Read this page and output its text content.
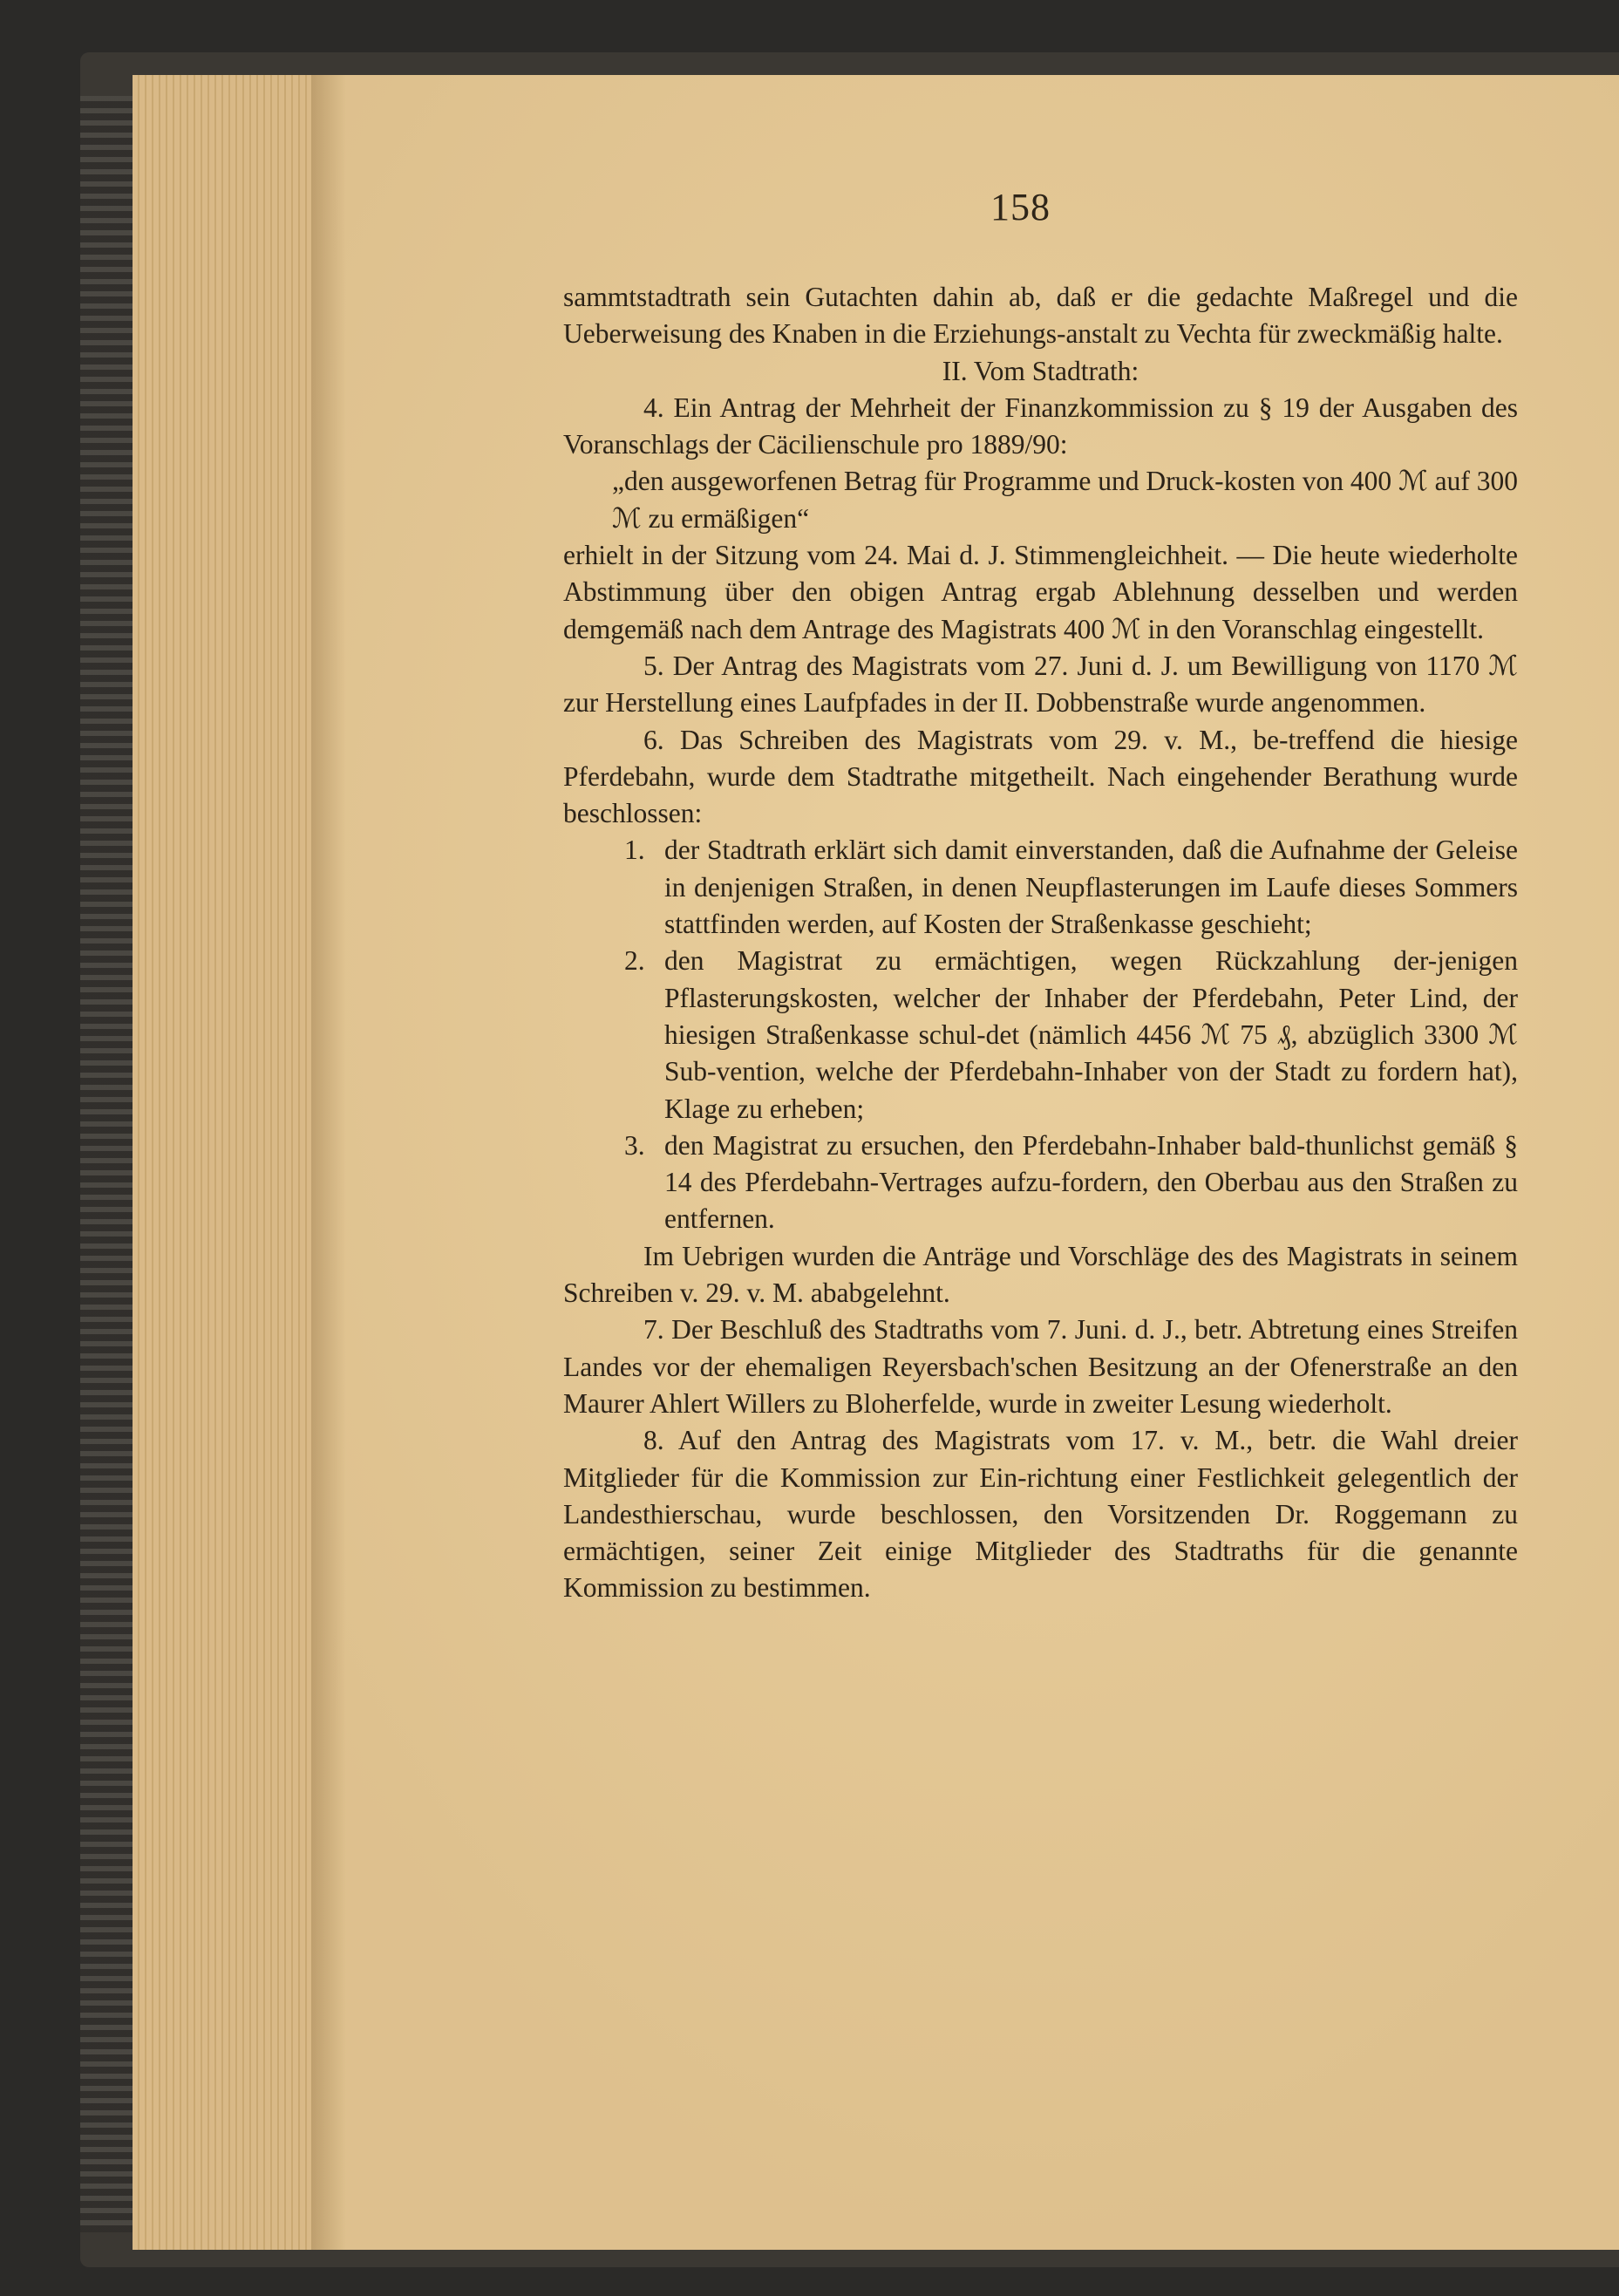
158

sammtstadtrath sein Gutachten dahin ab, daß er die gedachte Maßregel und die Ueberweisung des Knaben in die Erziehungs-anstalt zu Vechta für zweckmäßig halte.

II. Vom Stadtrath:

4. Ein Antrag der Mehrheit der Finanzkommission zu § 19 der Ausgaben des Voranschlags der Cäcilienschule pro 1889/90:

„den ausgeworfenen Betrag für Programme und Druck-kosten von 400 ℳ auf 300 ℳ zu ermäßigen“

erhielt in der Sitzung vom 24. Mai d. J. Stimmengleichheit. — Die heute wiederholte Abstimmung über den obigen Antrag ergab Ablehnung desselben und werden demgemäß nach dem Antrage des Magistrats 400 ℳ in den Voranschlag eingestellt.

5. Der Antrag des Magistrats vom 27. Juni d. J. um Bewilligung von 1170 ℳ zur Herstellung eines Laufpfades in der II. Dobbenstraße wurde angenommen.

6. Das Schreiben des Magistrats vom 29. v. M., be-treffend die hiesige Pferdebahn, wurde dem Stadtrathe mitgetheilt. Nach eingehender Berathung wurde beschlossen:

1. der Stadtrath erklärt sich damit einverstanden, daß die Aufnahme der Geleise in denjenigen Straßen, in denen Neupflasterungen im Laufe dieses Sommers stattfinden werden, auf Kosten der Straßenkasse geschieht;

2. den Magistrat zu ermächtigen, wegen Rückzahlung der-jenigen Pflasterungskosten, welcher der Inhaber der Pferdebahn, Peter Lind, der hiesigen Straßenkasse schul-det (nämlich 4456 ℳ 75 ₰, abzüglich 3300 ℳ Sub-vention, welche der Pferdebahn-Inhaber von der Stadt zu fordern hat), Klage zu erheben;

3. den Magistrat zu ersuchen, den Pferdebahn-Inhaber bald-thunlichst gemäß § 14 des Pferdebahn-Vertrages aufzu-fordern, den Oberbau aus den Straßen zu entfernen.

Im Uebrigen wurden die Anträge und Vorschläge des des Magistrats in seinem Schreiben v. 29. v. M. ababgelehnt.

7. Der Beschluß des Stadtraths vom 7. Juni. d. J., betr. Abtretung eines Streifen Landes vor der ehemaligen Reyersbach'schen Besitzung an der Ofenerstraße an den Maurer Ahlert Willers zu Bloherfelde, wurde in zweiter Lesung wiederholt.

8. Auf den Antrag des Magistrats vom 17. v. M., betr. die Wahl dreier Mitglieder für die Kommission zur Ein-richtung einer Festlichkeit gelegentlich der Landesthierschau, wurde beschlossen, den Vorsitzenden Dr. Roggemann zu ermächtigen, seiner Zeit einige Mitglieder des Stadtraths für die genannte Kommission zu bestimmen.
